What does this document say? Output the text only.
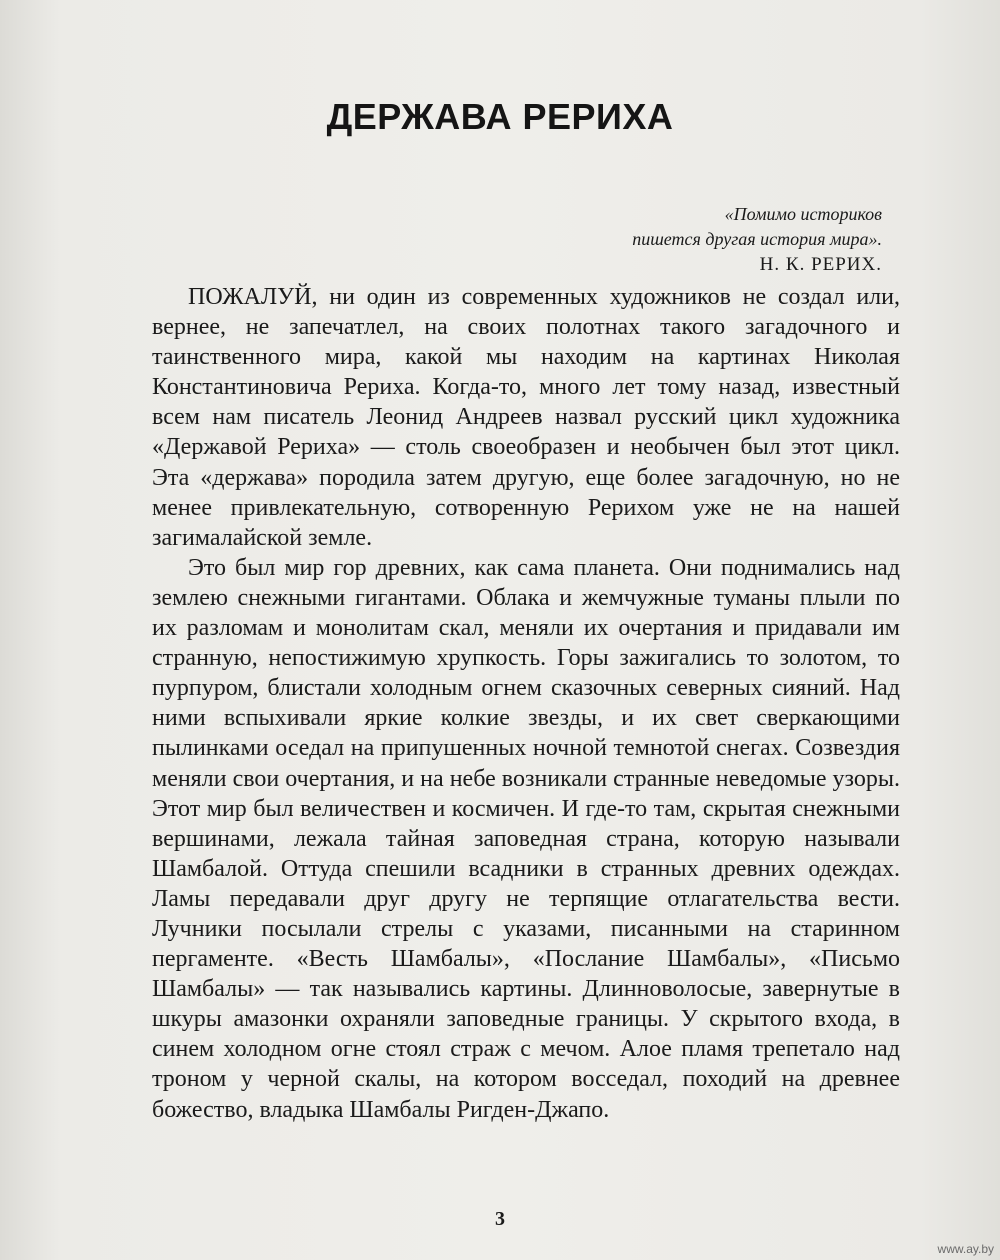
ДЕРЖАВА РЕРИХА
«Помимо историков
пишется другая история мира».
Н. К. РЕРИХ.

ПОЖАЛУЙ, ни один из современных художников не создал или, вернее, не запечатлел, на своих полотнах такого загадочного и таинственного мира, какой мы находим на картинах Николая Константиновича Рериха. Когда-то, много лет тому назад, известный всем нам писатель Леонид Андреев назвал русский цикл художника «Державой Рериха» — столь своеобразен и необычен был этот цикл. Эта «держава» породила затем другую, еще более загадочную, но не менее привлекательную, сотворенную Рерихом уже не на нашей загималайской земле.

Это был мир гор древних, как сама планета. Они поднимались над землею снежными гигантами. Облака и жемчужные туманы плыли по их разломам и монолитам скал, меняли их очертания и придавали им странную, непостижимую хрупкость. Горы зажигались то золотом, то пурпуром, блистали холодным огнем сказочных северных сияний. Над ними вспыхивали яркие колкие звезды, и их свет сверкающими пылинками оседал на припушенных ночной темнотой снегах. Созвездия меняли свои очертания, и на небе возникали странные неведомые узоры. Этот мир был величествен и космичен. И где-то там, скрытая снежными вершинами, лежала тайная заповедная страна, которую называли Шамбалой. Оттуда спешили всадники в странных древних одеждах. Ламы передавали друг другу не терпящие отлагательства вести. Лучники посылали стрелы с указами, писанными на старинном пергаменте. «Весть Шамбалы», «Послание Шамбалы», «Письмо Шамбалы» — так назывались картины. Длинноволосые, завернутые в шкуры амазонки охраняли заповедные границы. У скрытого входа, в синем холодном огне стоял страж с мечом. Алое пламя трепетало над троном у черной скалы, на котором восседал, походий на древнее божество, владыка Шамбалы Ригден-Джапо.

3
www.ay.by
